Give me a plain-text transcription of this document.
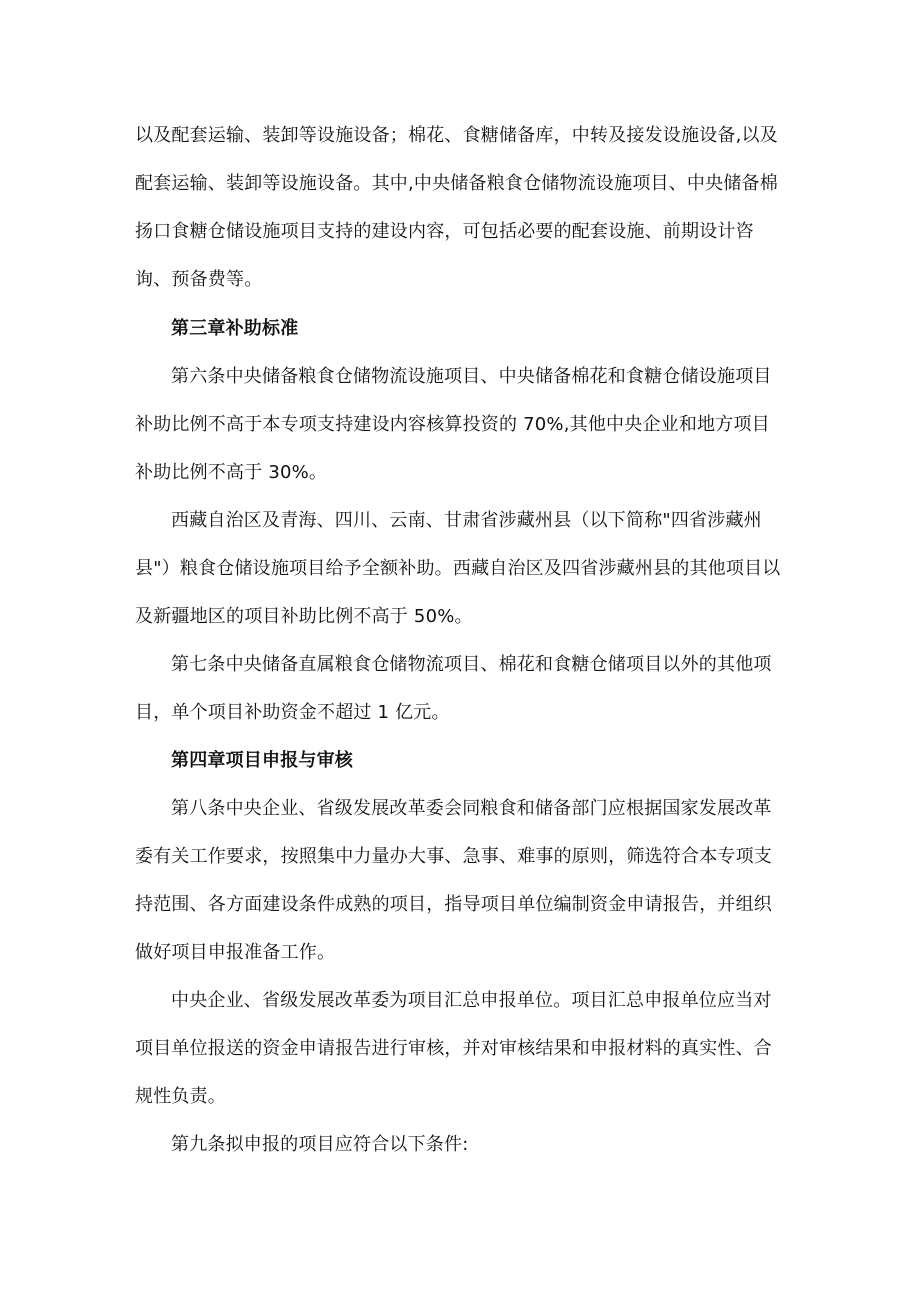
以及配套运输、装卸等设施设备；棉花、食糖储备库，中转及接发设施设备,以及配套运输、装卸等设施设备。其中,中央储备粮食仓储物流设施项目、中央储备棉扬口食糖仓储设施项目支持的建设内容，可包括必要的配套设施、前期设计咨询、预备费等。

第三章补助标准

第六条中央储备粮食仓储物流设施项目、中央储备棉花和食糖仓储设施项目补助比例不高于本专项支持建设内容核算投资的 70%,其他中央企业和地方项目补助比例不高于 30%。

西藏自治区及青海、四川、云南、甘肃省涉藏州县（以下简称"四省涉藏州县"）粮食仓储设施项目给予全额补助。西藏自治区及四省涉藏州县的其他项目以及新疆地区的项目补助比例不高于 50%。

第七条中央储备直属粮食仓储物流项目、棉花和食糖仓储项目以外的其他项目，单个项目补助资金不超过 1 亿元。

第四章项目申报与审核

第八条中央企业、省级发展改革委会同粮食和储备部门应根据国家发展改革委有关工作要求，按照集中力量办大事、急事、难事的原则，筛选符合本专项支持范围、各方面建设条件成熟的项目，指导项目单位编制资金申请报告，并组织做好项目申报准备工作。

中央企业、省级发展改革委为项目汇总申报单位。项目汇总申报单位应当对项目单位报送的资金申请报告进行审核，并对审核结果和申报材料的真实性、合规性负责。

第九条拟申报的项目应符合以下条件:
